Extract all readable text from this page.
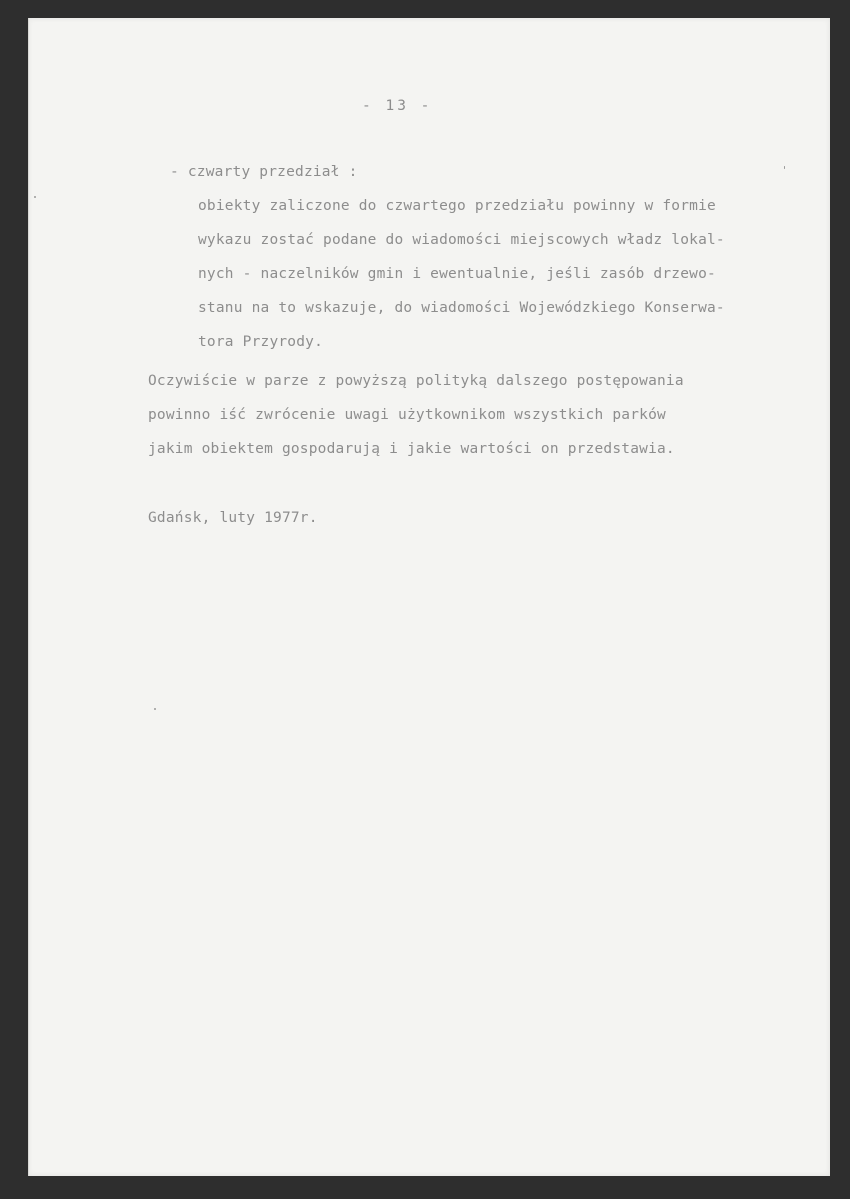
- 13 -
- czwarty przedział :
obiekty zaliczone do czwartego przedziału powinny w formie
wykazu zostać podane do wiadomości miejscowych władz lokal-
nych - naczelników gmin i ewentualnie, jeśli zasób drzewo-
stanu na to wskazuje, do wiadomości Wojewódzkiego Konserwa-
tora Przyrody.
Oczywiście w parze z powyższą polityką dalszego postępowania
powinno iść zwrócenie uwagi użytkownikom wszystkich parków
jakim obiektem gospodarują i jakie wartości on przedstawia.
Gdańsk, luty 1977r.
